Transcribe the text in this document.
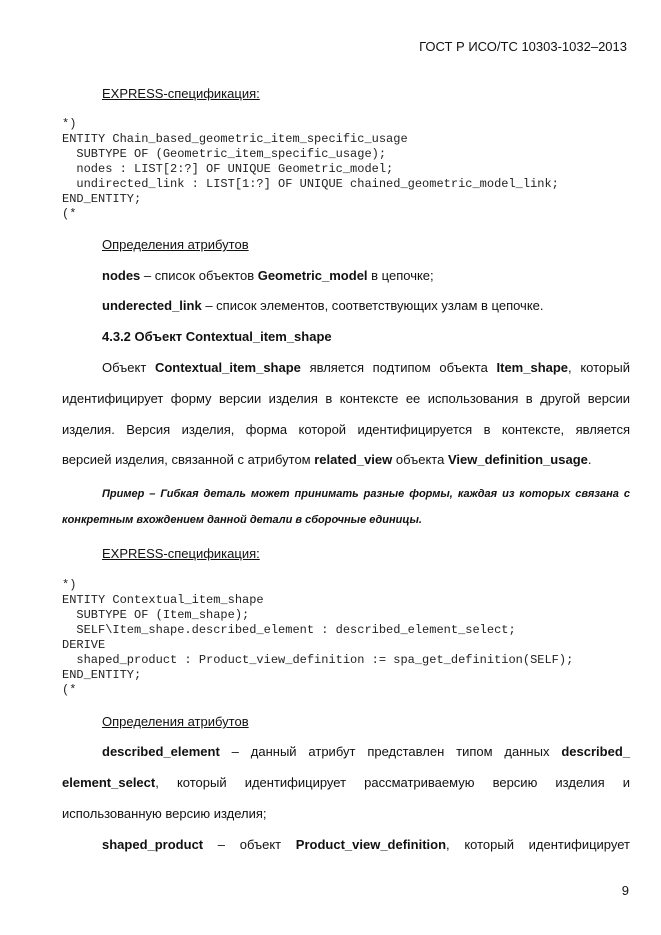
ГОСТ Р ИСО/ТС 10303-1032–2013
EXPRESS-спецификация:
*)
ENTITY Chain_based_geometric_item_specific_usage
SUBTYPE OF (Geometric_item_specific_usage);
nodes : LIST[2:?] OF UNIQUE Geometric_model;
undirected_link : LIST[1:?] OF UNIQUE chained_geometric_model_link;
END_ENTITY;
(*
Определения атрибутов
nodes – список объектов Geometric_model в цепочке;
underected_link – список элементов, соответствующих узлам в цепочке.
4.3.2 Объект Contextual_item_shape
Объект Contextual_item_shape является подтипом объекта Item_shape, который
идентифицирует форму версии изделия в контексте ее использования в другой версии
изделия. Версия изделия, форма которой идентифицируется в контексте, является
версией изделия, связанной с атрибутом related_view объекта View_definition_usage.
Пример – Гибкая деталь может принимать разные формы, каждая из которых связана с
конкретным вхождением данной детали в сборочные единицы.
EXPRESS-спецификация:
*)
ENTITY Contextual_item_shape
SUBTYPE OF (Item_shape);
SELF\Item_shape.described_element : described_element_select;
DERIVE
shaped_product : Product_view_definition := spa_get_definition(SELF);
END_ENTITY;
(*
Определения атрибутов
described_element – данный атрибут представлен типом данных described_
element_select, который идентифицирует рассматриваемую версию изделия и
использованную версию изделия;
shaped_product – объект Product_view_definition, который идентифицирует
9
